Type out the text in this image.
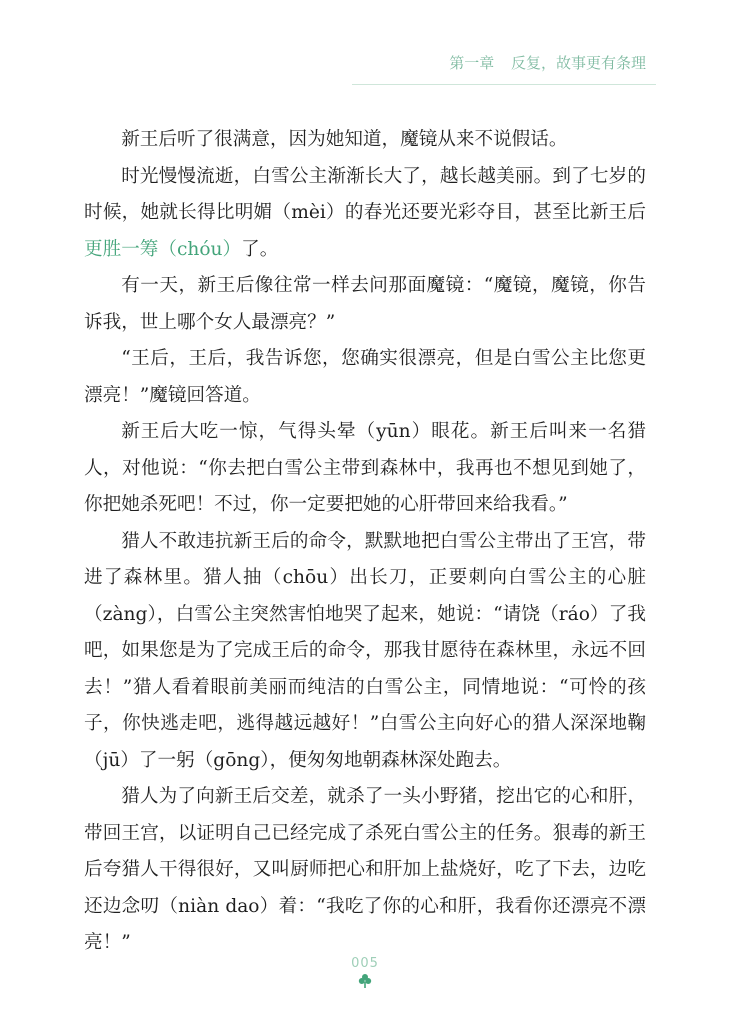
第一章 反复，故事更有条理

新王后听了很满意，因为她知道，魔镜从来不说假话。

时光慢慢流逝，白雪公主渐渐长大了，越长越美丽。到了七岁的时候，她就长得比明媚（mèi）的春光还要光彩夺目，甚至比新王后更胜一筹（chóu）了。

有一天，新王后像往常一样去问那面魔镜：“魔镜，魔镜，你告诉我，世上哪个女人最漂亮？”

“王后，王后，我告诉您，您确实很漂亮，但是白雪公主比您更漂亮！”魔镜回答道。

新王后大吃一惊，气得头晕（yūn）眼花。新王后叫来一名猎人，对他说：“你去把白雪公主带到森林中，我再也不想见到她了，你把她杀死吧！不过，你一定要把她的心肝带回来给我看。”

猎人不敢违抗新王后的命令，默默地把白雪公主带出了王宫，带进了森林里。猎人抽（chōu）出长刀，正要刺向白雪公主的心脏（zàng），白雪公主突然害怕地哭了起来，她说：“请饶（ráo）了我吧，如果您是为了完成王后的命令，那我甘愿待在森林里，永远不回去！”猎人看着眼前美丽而纯洁的白雪公主，同情地说：“可怜的孩子，你快逃走吧，逃得越远越好！”白雪公主向好心的猎人深深地鞠（jū）了一躬（gōng），便匆匆地朝森林深处跑去。

猎人为了向新王后交差，就杀了一头小野猪，挖出它的心和肝，带回王宫，以证明自己已经完成了杀死白雪公主的任务。狠毒的新王后夸猎人干得很好，又叫厨师把心和肝加上盐烧好，吃了下去，边吃还边念叨（niàn dao）着：“我吃了你的心和肝，我看你还漂亮不漂亮！”

005
